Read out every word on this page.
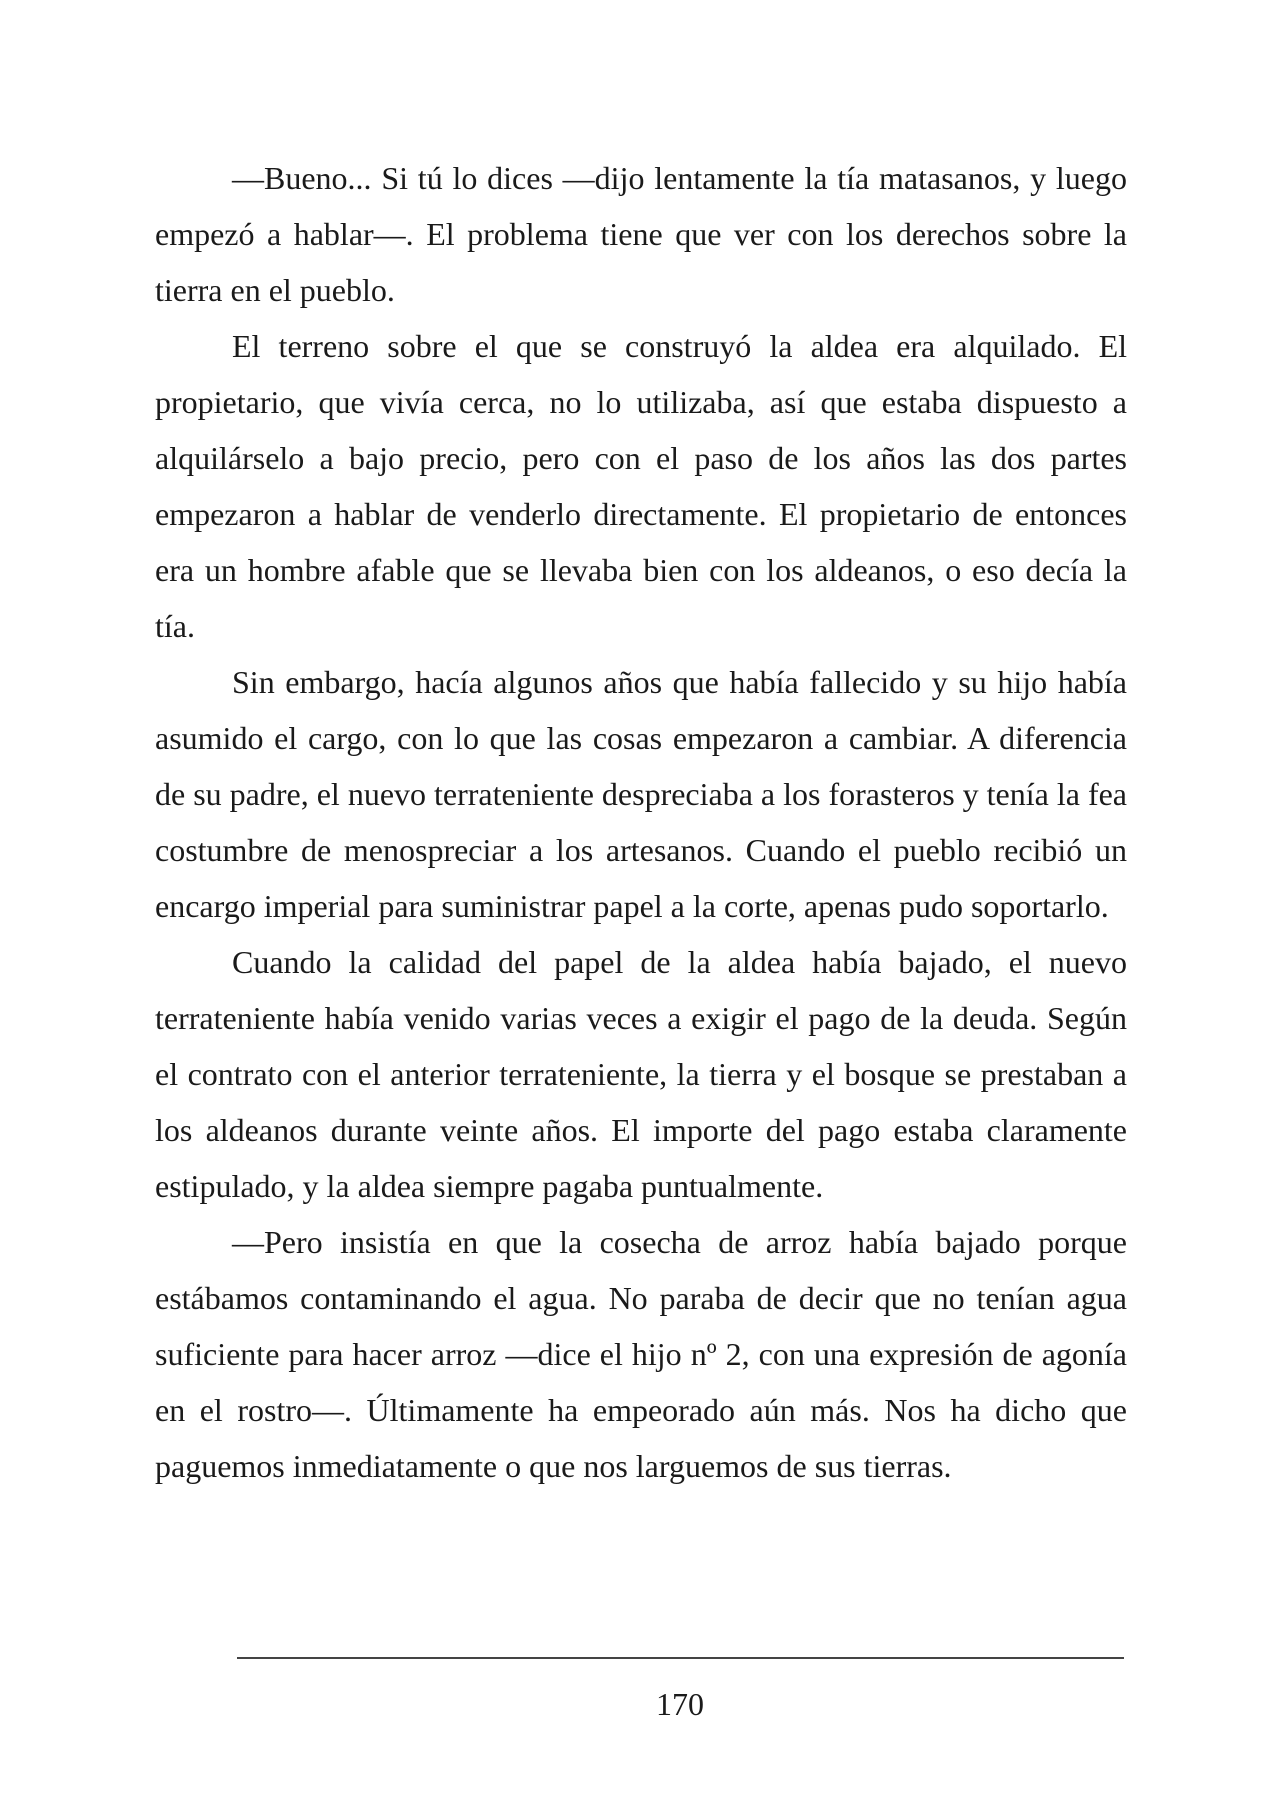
—Bueno... Si tú lo dices —dijo lentamente la tía matasanos, y luego empezó a hablar—. El problema tiene que ver con los derechos sobre la tierra en el pueblo.

El terreno sobre el que se construyó la aldea era alquilado. El propietario, que vivía cerca, no lo utilizaba, así que estaba dispuesto a alquilárselo a bajo precio, pero con el paso de los años las dos partes empezaron a hablar de venderlo directamente. El propietario de entonces era un hombre afable que se llevaba bien con los aldeanos, o eso decía la tía.

Sin embargo, hacía algunos años que había fallecido y su hijo había asumido el cargo, con lo que las cosas empezaron a cambiar. A diferencia de su padre, el nuevo terrateniente despreciaba a los forasteros y tenía la fea costumbre de menospreciar a los artesanos. Cuando el pueblo recibió un encargo imperial para suministrar papel a la corte, apenas pudo soportarlo.

Cuando la calidad del papel de la aldea había bajado, el nuevo terrateniente había venido varias veces a exigir el pago de la deuda. Según el contrato con el anterior terrateniente, la tierra y el bosque se prestaban a los aldeanos durante veinte años. El importe del pago estaba claramente estipulado, y la aldea siempre pagaba puntualmente.

—Pero insistía en que la cosecha de arroz había bajado porque estábamos contaminando el agua. No paraba de decir que no tenían agua suficiente para hacer arroz —dice el hijo nº 2, con una expresión de agonía en el rostro—. Últimamente ha empeorado aún más. Nos ha dicho que paguemos inmediatamente o que nos larguemos de sus tierras.

170
